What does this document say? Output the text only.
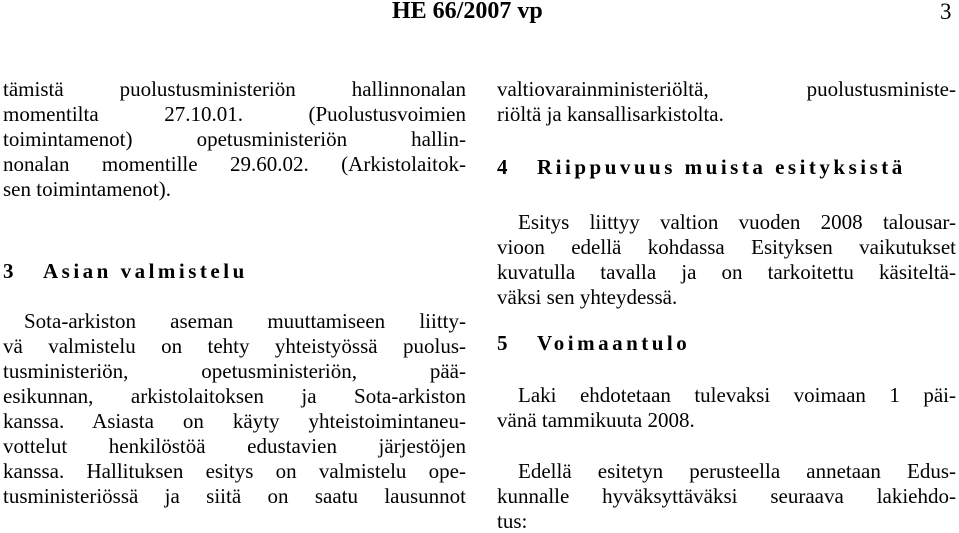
HE 66/2007 vp	3
tämistä puolustusministeriön hallinnonalan
momentilta 27.10.01. (Puolustusvoimien
toimintamenot) opetusministeriön hallin-
nonalan momentille 29.60.02. (Arkistolaitok-
sen toimintamenot).
3 Asian valmistelu
Sota-arkiston aseman muuttamiseen liitty-
vä valmistelu on tehty yhteistyössä puolus-
tusministeriön, opetusministeriön, pää-
esikunnan, arkistolaitoksen ja Sota-arkiston
kanssa. Asiasta on käyty yhteistoimintaneu-
vottelut henkilöstöä edustavien järjestöjen
kanssa. Hallituksen esitys on valmistelu ope-
tusministeriössä ja siitä on saatu lausunnot
valtiovarainministeriöltä, puolustusministe-
riöltä ja kansallisarkistolta.
4 Riippuvuus muista esityksistä
Esitys liittyy valtion vuoden 2008 talousar-
vioon edellä kohdassa Esityksen vaikutukset
kuvatulla tavalla ja on tarkoitettu käsiteltä-
väksi sen yhteydessä.
5 Voimaantulo
Laki ehdotetaan tulevaksi voimaan 1 päi-
vänä tammikuuta 2008.
Edellä esitetyn perusteella annetaan Edus-
kunnalle hyväksyttäväksi seuraava lakiehdo-
tus:
